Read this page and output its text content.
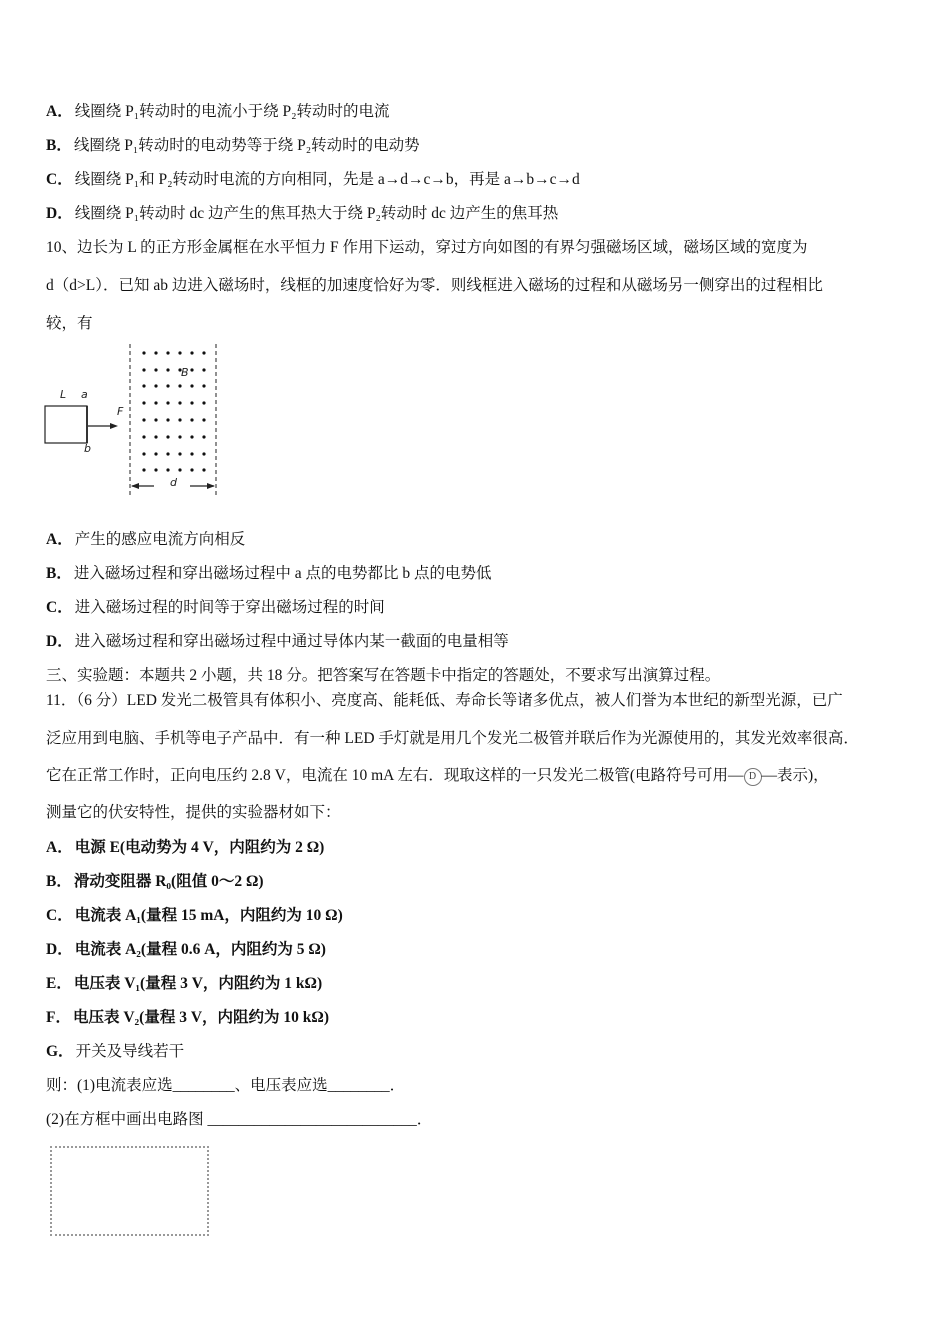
A． 线圈绕 P₁转动时的电流小于绕 P₂转动时的电流
B． 线圈绕 P₁转动时的电动势等于绕 P₂转动时的电动势
C． 线圈绕 P₁和 P₂转动时电流的方向相同，先是 a→d→c→b，再是 a→b→c→d
D． 线圈绕 P₁转动时 dc 边产生的焦耳热大于绕 P₂转动时 dc 边产生的焦耳热
10、边长为 L 的正方形金属框在水平恒力 F 作用下运动，穿过方向如图的有界匀强磁场区域，磁场区域的宽度为
d（d>L）．已知 ab 边进入磁场时，线框的加速度恰好为零．则线框进入磁场的过程和从磁场另一侧穿出的过程相比
较，有
L a
b
F
B
d
A． 产生的感应电流方向相反
B． 进入磁场过程和穿出磁场过程中 a 点的电势都比 b 点的电势低
C． 进入磁场过程的时间等于穿出磁场过程的时间
D． 进入磁场过程和穿出磁场过程中通过导体内某一截面的电量相等
三、实验题：本题共 2 小题，共 18 分。把答案写在答题卡中指定的答题处，不要求写出演算过程。
11．（6 分）LED 发光二极管具有体积小、亮度高、能耗低、寿命长等诸多优点，被人们誉为本世纪的新型光源，已广
泛应用到电脑、手机等电子产品中．有一种 LED 手灯就是用几个发光二极管并联后作为光源使用的，其发光效率很高．
它在正常工作时，正向电压约 2.8 V，电流在 10 mA 左右．现取这样的一只发光二极管(电路符号可用— D —表示)，
测量它的伏安特性，提供的实验器材如下：
A． 电源 E(电动势为 4 V，内阻约为 2 Ω)
B． 滑动变阻器 R₀(阻值 0～2 Ω)
C． 电流表 A₁(量程 15 mA，内阻约为 10 Ω)
D． 电流表 A₂(量程 0.6 A，内阻约为 5 Ω)
E． 电压表 V₁(量程 3 V，内阻约为 1 kΩ)
F． 电压表 V₂(量程 3 V，内阻约为 10 kΩ)
G． 开关及导线若干
则：(1)电流表应选________、电压表应选________．
(2)在方框中画出电路图 ___________________________．
